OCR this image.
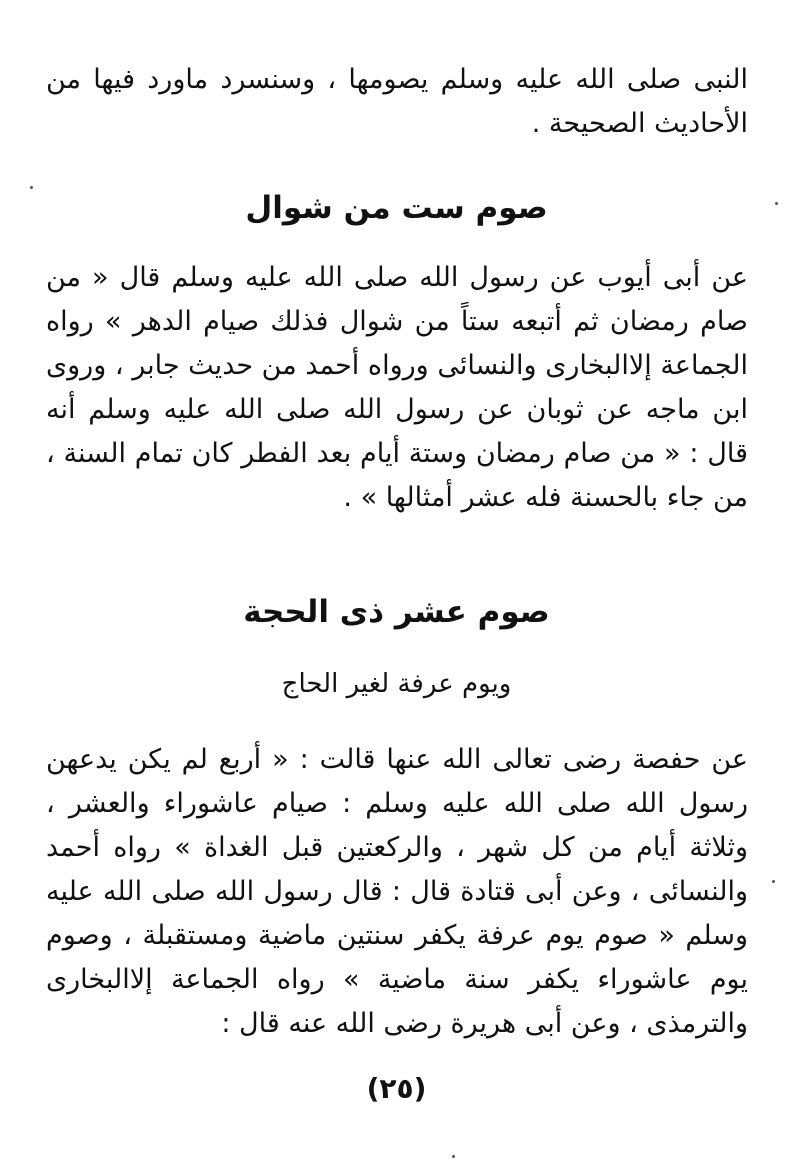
النبى صلى الله عليه وسلم يصومها ، وسنسرد ماورد فيها من الأحاديث الصحيحة .
صوم ست من شوال
عن أبى أيوب عن رسول الله صلى الله عليه وسلم قال « من صام رمضان ثم أتبعه ستاً من شوال فذلك صيام الدهر » رواه الجماعة إلاالبخارى والنسائى ورواه أحمد من حديث جابر ، وروى ابن ماجه عن ثوبان عن رسول الله صلى الله عليه وسلم أنه قال : « من صام رمضان وستة أيام بعد الفطر كان تمام السنة ، من جاء بالحسنة فله عشر أمثالها » .
صوم عشر ذى الحجة
ويوم عرفة لغير الحاج
عن حفصة رضى تعالى الله عنها قالت : « أربع لم يكن يدعهن رسول الله صلى الله عليه وسلم : صيام عاشوراء والعشر ، وثلاثة أيام من كل شهر ، والركعتين قبل الغداة » رواه أحمد والنسائى ، وعن أبى قتادة قال : قال رسول الله صلى الله عليه وسلم « صوم يوم عرفة يكفر سنتين ماضية ومستقبلة ، وصوم يوم عاشوراء يكفر سنة ماضية » رواه الجماعة إلاالبخارى والترمذى ، وعن أبى هريرة رضى الله عنه قال :
(٢٥)
